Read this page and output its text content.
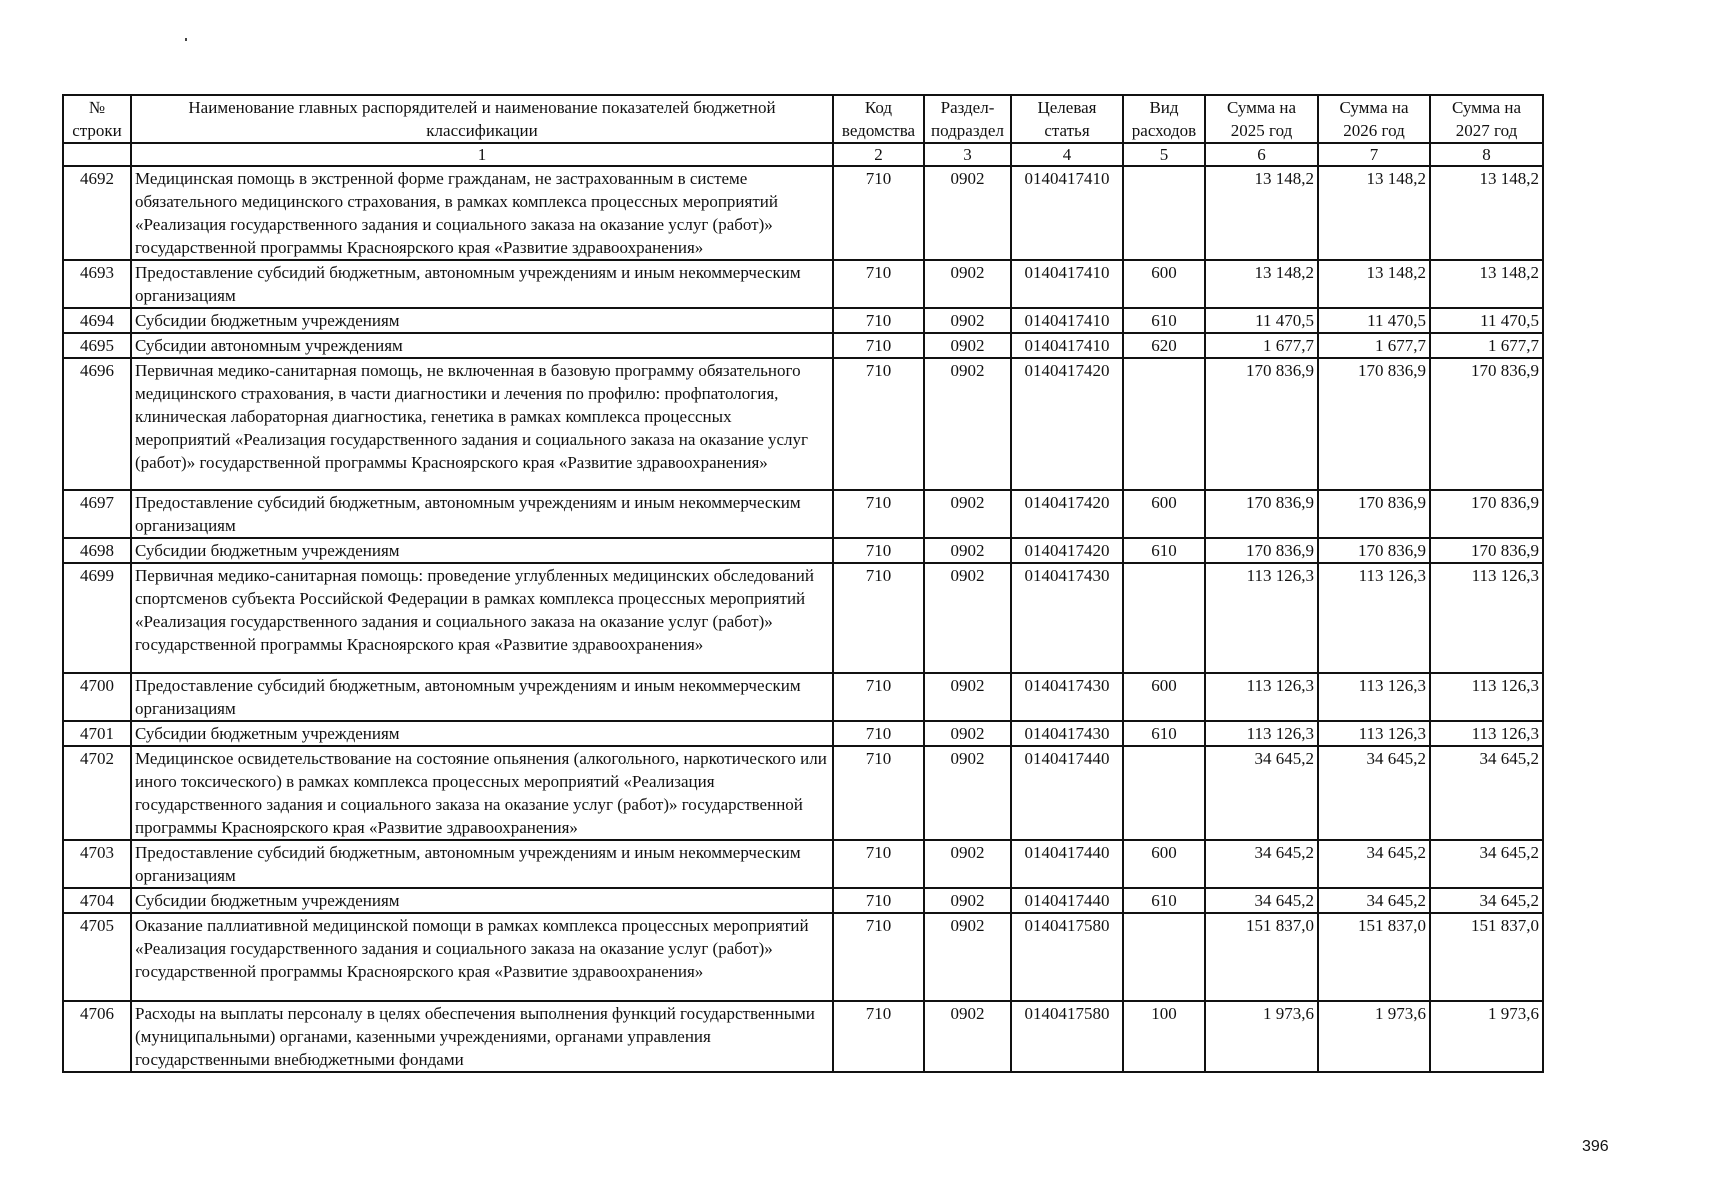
№ строки	Наименование главных распорядителей и наименование показателей бюджетной классификации	Код ведомства	Раздел-подраздел	Целевая статья	Вид расходов	Сумма на 2025 год	Сумма на 2026 год	Сумма на 2027 год
	1	2	3	4	5	6	7	8
4692	Медицинская помощь в экстренной форме гражданам, не застрахованным в системе обязательного медицинского страхования, в рамках комплекса процессных мероприятий «Реализация государственного задания и социального заказа на оказание услуг (работ)» государственной программы Красноярского края «Развитие здравоохранения»	710	0902	0140417410		13 148,2	13 148,2	13 148,2
4693	Предоставление субсидий бюджетным, автономным учреждениям и иным некоммерческим организациям	710	0902	0140417410	600	13 148,2	13 148,2	13 148,2
4694	Субсидии бюджетным учреждениям	710	0902	0140417410	610	11 470,5	11 470,5	11 470,5
4695	Субсидии автономным учреждениям	710	0902	0140417410	620	1 677,7	1 677,7	1 677,7
4696	Первичная медико-санитарная помощь, не включенная в базовую программу обязательного медицинского страхования, в части диагностики и лечения по профилю: профпатология, клиническая лабораторная диагностика, генетика в рамках комплекса процессных мероприятий «Реализация государственного задания и социального заказа на оказание услуг (работ)» государственной программы Красноярского края «Развитие здравоохранения»	710	0902	0140417420		170 836,9	170 836,9	170 836,9
4697	Предоставление субсидий бюджетным, автономным учреждениям и иным некоммерческим организациям	710	0902	0140417420	600	170 836,9	170 836,9	170 836,9
4698	Субсидии бюджетным учреждениям	710	0902	0140417420	610	170 836,9	170 836,9	170 836,9
4699	Первичная медико-санитарная помощь: проведение углубленных медицинских обследований спортсменов субъекта Российской Федерации в рамках комплекса процессных мероприятий «Реализация государственного задания и социального заказа на оказание услуг (работ)» государственной программы Красноярского края «Развитие здравоохранения»	710	0902	0140417430		113 126,3	113 126,3	113 126,3
4700	Предоставление субсидий бюджетным, автономным учреждениям и иным некоммерческим организациям	710	0902	0140417430	600	113 126,3	113 126,3	113 126,3
4701	Субсидии бюджетным учреждениям	710	0902	0140417430	610	113 126,3	113 126,3	113 126,3
4702	Медицинское освидетельствование на состояние опьянения (алкогольного, наркотического или иного токсического) в рамках комплекса процессных мероприятий «Реализация государственного задания и социального заказа на оказание услуг (работ)» государственной программы Красноярского края «Развитие здравоохранения»	710	0902	0140417440		34 645,2	34 645,2	34 645,2
4703	Предоставление субсидий бюджетным, автономным учреждениям и иным некоммерческим организациям	710	0902	0140417440	600	34 645,2	34 645,2	34 645,2
4704	Субсидии бюджетным учреждениям	710	0902	0140417440	610	34 645,2	34 645,2	34 645,2
4705	Оказание паллиативной медицинской помощи в рамках комплекса процессных мероприятий «Реализация государственного задания и социального заказа на оказание услуг (работ)» государственной программы Красноярского края «Развитие здравоохранения»	710	0902	0140417580		151 837,0	151 837,0	151 837,0
4706	Расходы на выплаты персоналу в целях обеспечения выполнения функций государственными (муниципальными) органами, казенными учреждениями, органами управления государственными внебюджетными фондами	710	0902	0140417580	100	1 973,6	1 973,6	1 973,6
396
